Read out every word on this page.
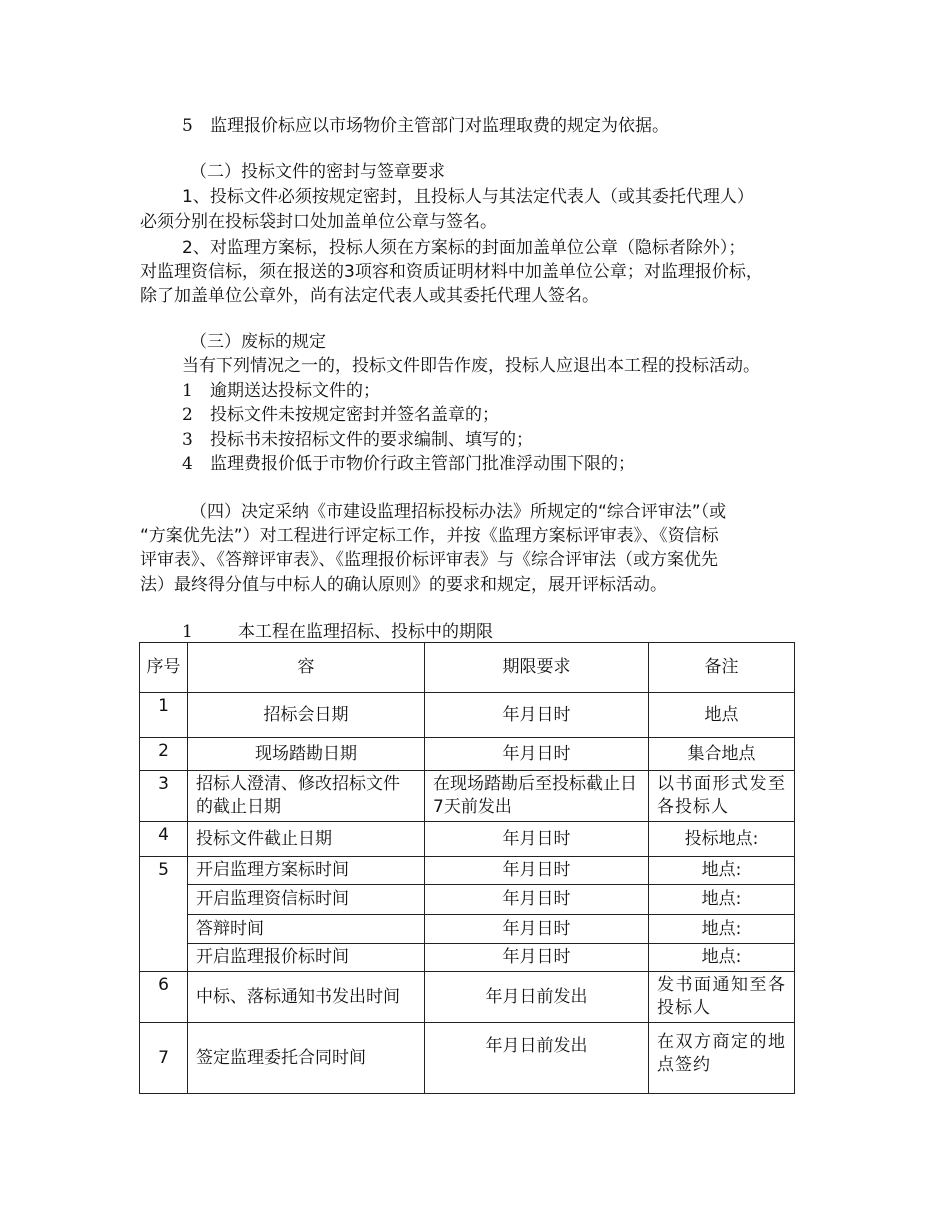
5 监理报价标应以市场物价主管部门对监理取费的规定为依据。
（二）投标文件的密封与签章要求
1、投标文件必须按规定密封，且投标人与其法定代表人（或其委托代理人）
必须分别在投标袋封口处加盖单位公章与签名。
2、对监理方案标，投标人须在方案标的封面加盖单位公章（隐标者除外）；
对监理资信标，须在报送的3项容和资质证明材料中加盖单位公章；对监理报价标，
除了加盖单位公章外，尚有法定代表人或其委托代理人签名。
（三）废标的规定
当有下列情况之一的，投标文件即告作废，投标人应退出本工程的投标活动。
1 逾期送达投标文件的；
2 投标文件未按规定密封并签名盖章的；
3 投标书未按招标文件的要求编制、填写的；
4 监理费报价低于市物价行政主管部门批准浮动围下限的；
（四）决定采纳《市建设监理招标投标办法》所规定的“综合评审法”（或
“方案优先法”）对工程进行评定标工作，并按《监理方案标评审表》、《资信标
评审表》、《答辩评审表》、《监理报价标评审表》与《综合评审法（或方案优先
法）最终得分值与中标人的确认原则》的要求和规定，展开评标活动。
1	本工程在监理招标、投标中的期限
序号	容	期限要求	备注
1	招标会日期	年月日时	地点
2	现场踏勘日期	年月日时	集合地点
3	招标人澄清、修改招标文件的截止日期	在现场踏勘后至投标截止日7天前发出	以书面形式发至各投标人
4	投标文件截止日期	年月日时	投标地点:
5	开启监理方案标时间	年月日时	地点:
	开启监理资信标时间	年月日时	地点:
	答辩时间	年月日时	地点:
	开启监理报价标时间	年月日时	地点:
6	中标、落标通知书发出时间	年月日前发出	发书面通知至各投标人
7	签定监理委托合同时间	年月日前发出	在双方商定的地点签约
